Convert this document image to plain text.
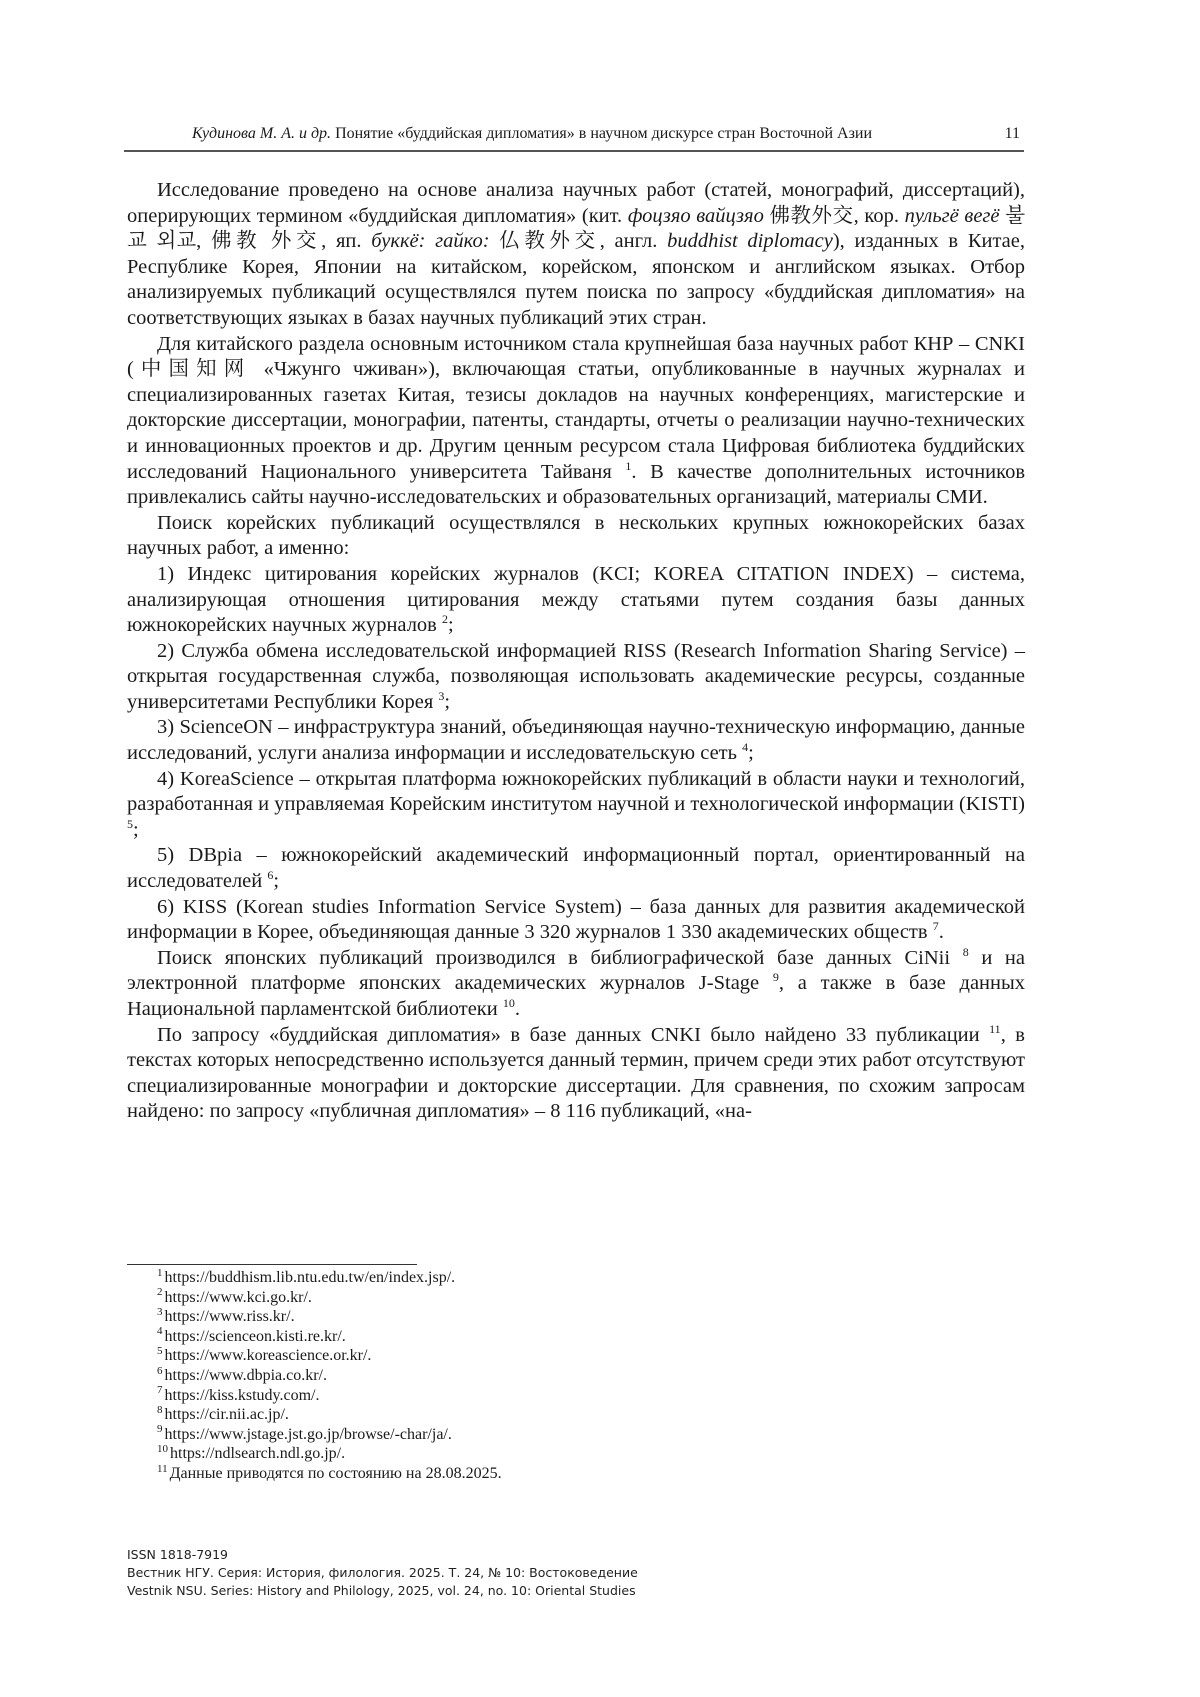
Кудинова М. А. и др. Понятие «буддийская дипломатия» в научном дискурсе стран Восточной Азии	11

Исследование проведено на основе анализа научных работ (статей, монографий, диссертаций), оперирующих термином «буддийская дипломатия» (кит. фоцзяо вайцзяо 佛教外交, кор. пульгё вегё 불교 외교, 佛教 外交, яп. буккё: гайко: 仏教外交, англ. buddhist diplomacy), изданных в Китае, Республике Корея, Японии на китайском, корейском, японском и английском языках. Отбор анализируемых публикаций осуществлялся путем поиска по запросу «буддийская дипломатия» на соответствующих языках в базах научных публикаций этих стран.

Для китайского раздела основным источником стала крупнейшая база научных работ КНР – CNKI (中国知网 «Чжунго чживан»), включающая статьи, опубликованные в научных журналах и специализированных газетах Китая, тезисы докладов на научных конференциях, магистерские и докторские диссертации, монографии, патенты, стандарты, отчеты о реализации научно-технических и инновационных проектов и др. Другим ценным ресурсом стала Цифровая библиотека буддийских исследований Национального университета Тайваня $^1$. В качестве дополнительных источников привлекались сайты научно-исследовательских и образовательных организаций, материалы СМИ.

Поиск корейских публикаций осуществлялся в нескольких крупных южнокорейских базах научных работ, а именно:

1) Индекс цитирования корейских журналов (KCI; KOREA CITATION INDEX) – система, анализирующая отношения цитирования между статьями путем создания базы данных южнокорейских научных журналов $^2$;

2) Служба обмена исследовательской информацией RISS (Research Information Sharing Service) – открытая государственная служба, позволяющая использовать академические ресурсы, созданные университетами Республики Корея $^3$;

3) ScienceON – инфраструктура знаний, объединяющая научно-техническую информацию, данные исследований, услуги анализа информации и исследовательскую сеть $^4$;

4) KoreaScience – открытая платформа южнокорейских публикаций в области науки и технологий, разработанная и управляемая Корейским институтом научной и технологической информации (KISTI) $^5$;

5) DBpia – южнокорейский академический информационный портал, ориентированный на исследователей $^6$;

6) KISS (Korean studies Information Service System) – база данных для развития академической информации в Корее, объединяющая данные 3 320 журналов 1 330 академических обществ $^7$.

Поиск японских публикаций производился в библиографической базе данных CiNii $^8$ и на электронной платформе японских академических журналов J-Stage $^9$, а также в базе данных Национальной парламентской библиотеки $^{10}$.

По запросу «буддийская дипломатия» в базе данных CNKI было найдено 33 публикации $^{11}$, в текстах которых непосредственно используется данный термин, причем среди этих работ отсутствуют специализированные монографии и докторские диссертации. Для сравнения, по схожим запросам найдено: по запросу «публичная дипломатия» – 8 116 публикаций, «на-

$^1$ https://buddhism.lib.ntu.edu.tw/en/index.jsp/.
$^2$ https://www.kci.go.kr/.
$^3$ https://www.riss.kr/.
$^4$ https://scienceon.kisti.re.kr/.
$^5$ https://www.koreascience.or.kr/.
$^6$ https://www.dbpia.co.kr/.
$^7$ https://kiss.kstudy.com/.
$^8$ https://cir.nii.ac.jp/.
$^9$ https://www.jstage.jst.go.jp/browse/-char/ja/.
$^{10}$ https://ndlsearch.ndl.go.jp/.
$^{11}$ Данные приводятся по состоянию на 28.08.2025.
ISSN 1818-7919
Вестник НГУ. Серия: История, филология. 2025. Т. 24, № 10: Востоковедение
Vestnik NSU. Series: History and Philology, 2025, vol. 24, no. 10: Oriental Studies
